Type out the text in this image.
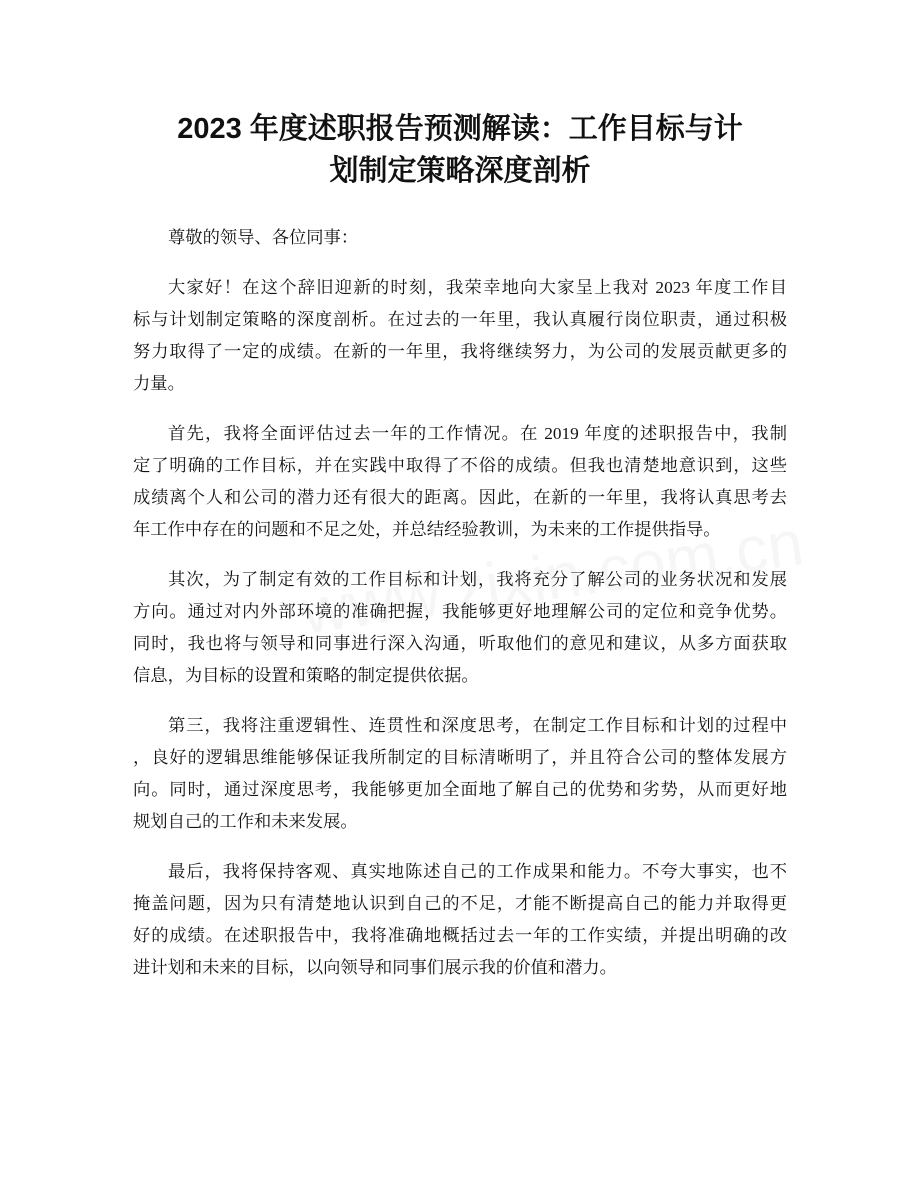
2023 年度述职报告预测解读：工作目标与计
划制定策略深度剖析

尊敬的领导、各位同事：

大家好！在这个辞旧迎新的时刻，我荣幸地向大家呈上我对 2023 年度工作目
标与计划制定策略的深度剖析。在过去的一年里，我认真履行岗位职责，通过积极
努力取得了一定的成绩。在新的一年里，我将继续努力，为公司的发展贡献更多的
力量。

首先，我将全面评估过去一年的工作情况。在 2019 年度的述职报告中，我制
定了明确的工作目标，并在实践中取得了不俗的成绩。但我也清楚地意识到，这些
成绩离个人和公司的潜力还有很大的距离。因此，在新的一年里，我将认真思考去
年工作中存在的问题和不足之处，并总结经验教训，为未来的工作提供指导。

其次，为了制定有效的工作目标和计划，我将充分了解公司的业务状况和发展
方向。通过对内外部环境的准确把握，我能够更好地理解公司的定位和竞争优势。
同时，我也将与领导和同事进行深入沟通，听取他们的意见和建议，从多方面获取
信息，为目标的设置和策略的制定提供依据。

第三，我将注重逻辑性、连贯性和深度思考，在制定工作目标和计划的过程中
，良好的逻辑思维能够保证我所制定的目标清晰明了，并且符合公司的整体发展方
向。同时，通过深度思考，我能够更加全面地了解自己的优势和劣势，从而更好地
规划自己的工作和未来发展。

最后，我将保持客观、真实地陈述自己的工作成果和能力。不夸大事实，也不
掩盖问题，因为只有清楚地认识到自己的不足，才能不断提高自己的能力并取得更
好的成绩。在述职报告中，我将准确地概括过去一年的工作实绩，并提出明确的改
进计划和未来的目标，以向领导和同事们展示我的价值和潜力。
